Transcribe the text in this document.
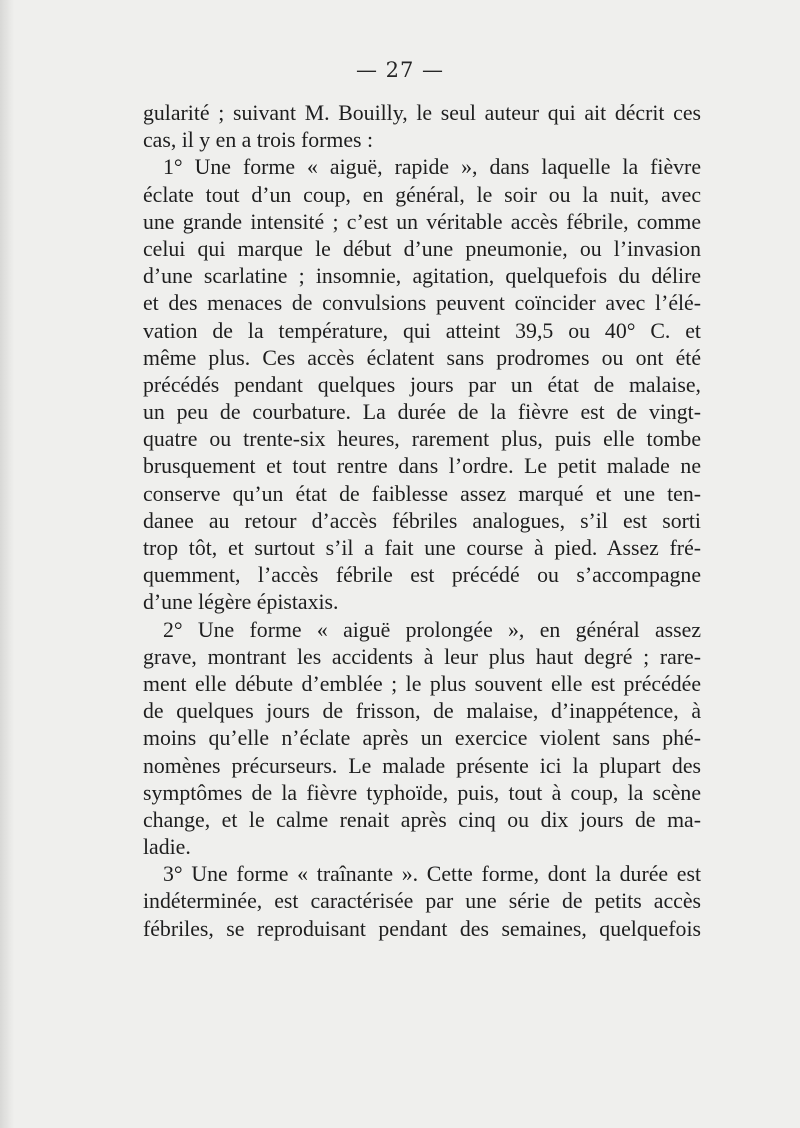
— 27 —
gularité ; suivant M. Bouilly, le seul auteur qui ait décrit ces
cas, il y en a trois formes :
1° Une forme « aiguë, rapide », dans laquelle la fièvre
éclate tout d’un coup, en général, le soir ou la nuit, avec
une grande intensité ; c’est un véritable accès fébrile, comme
celui qui marque le début d’une pneumonie, ou l’invasion
d’une scarlatine ; insomnie, agitation, quelquefois du délire
et des menaces de convulsions peuvent coïncider avec l’élé-
vation de la température, qui atteint 39,5 ou 40° C. et
même plus. Ces accès éclatent sans prodromes ou ont été
précédés pendant quelques jours par un état de malaise,
un peu de courbature. La durée de la fièvre est de vingt-
quatre ou trente-six heures, rarement plus, puis elle tombe
brusquement et tout rentre dans l’ordre. Le petit malade ne
conserve qu’un état de faiblesse assez marqué et une ten-
danee au retour d’accès fébriles analogues, s’il est sorti
trop tôt, et surtout s’il a fait une course à pied. Assez fré-
quemment, l’accès fébrile est précédé ou s’accompagne
d’une légère épistaxis.
2° Une forme « aiguë prolongée », en général assez
grave, montrant les accidents à leur plus haut degré ; rare-
ment elle débute d’emblée ; le plus souvent elle est précédée
de quelques jours de frisson, de malaise, d’inappétence, à
moins qu’elle n’éclate après un exercice violent sans phé-
nomènes précurseurs. Le malade présente ici la plupart des
symptômes de la fièvre typhoïde, puis, tout à coup, la scène
change, et le calme renait après cinq ou dix jours de ma-
ladie.
3° Une forme « traînante ». Cette forme, dont la durée est
indéterminée, est caractérisée par une série de petits accès
fébriles, se reproduisant pendant des semaines, quelquefois
